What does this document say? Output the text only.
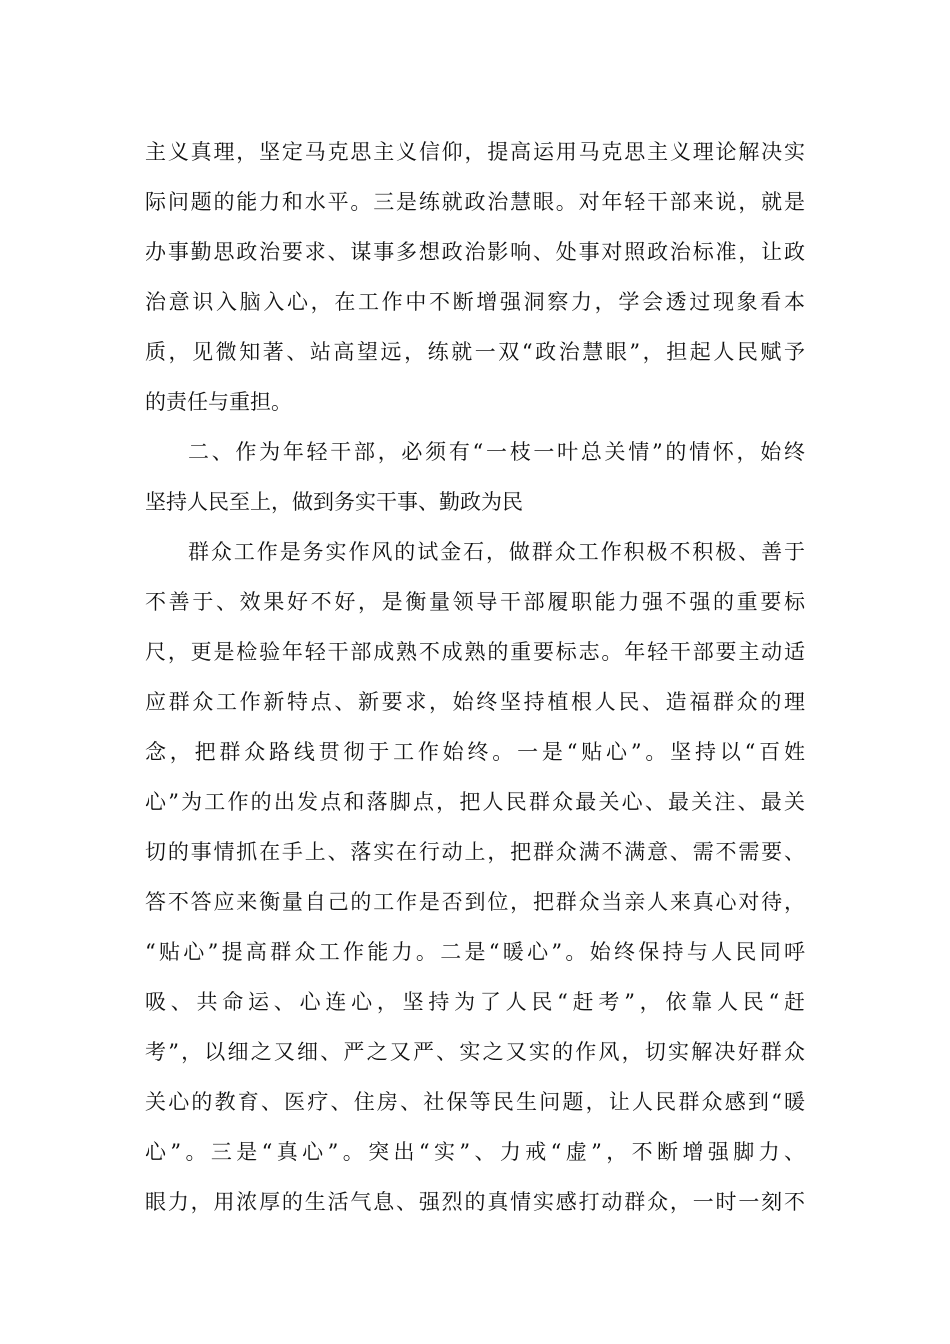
主义真理，坚定马克思主义信仰，提高运用马克思主义理论解决实
际问题的能力和水平。三是练就政治慧眼。对年轻干部来说，就是
办事勤思政治要求、谋事多想政治影响、处事对照政治标准，让政
治意识入脑入心，在工作中不断增强洞察力，学会透过现象看本
质，见微知著、站高望远，练就一双“政治慧眼”，担起人民赋予
的责任与重担。
二、作为年轻干部，必须有“一枝一叶总关情”的情怀，始终
坚持人民至上，做到务实干事、勤政为民
群众工作是务实作风的试金石，做群众工作积极不积极、善于
不善于、效果好不好，是衡量领导干部履职能力强不强的重要标
尺，更是检验年轻干部成熟不成熟的重要标志。年轻干部要主动适
应群众工作新特点、新要求，始终坚持植根人民、造福群众的理
念，把群众路线贯彻于工作始终。一是“贴心”。坚持以“百姓
心”为工作的出发点和落脚点，把人民群众最关心、最关注、最关
切的事情抓在手上、落实在行动上，把群众满不满意、需不需要、
答不答应来衡量自己的工作是否到位，把群众当亲人来真心对待，
“贴心”提高群众工作能力。二是“暖心”。始终保持与人民同呼
吸、共命运、心连心，坚持为了人民“赶考”，依靠人民“赶
考”，以细之又细、严之又严、实之又实的作风，切实解决好群众
关心的教育、医疗、住房、社保等民生问题，让人民群众感到“暖
心”。三是“真心”。突出“实”、力戒“虚”，不断增强脚力、
眼力，用浓厚的生活气息、强烈的真情实感打动群众，一时一刻不
